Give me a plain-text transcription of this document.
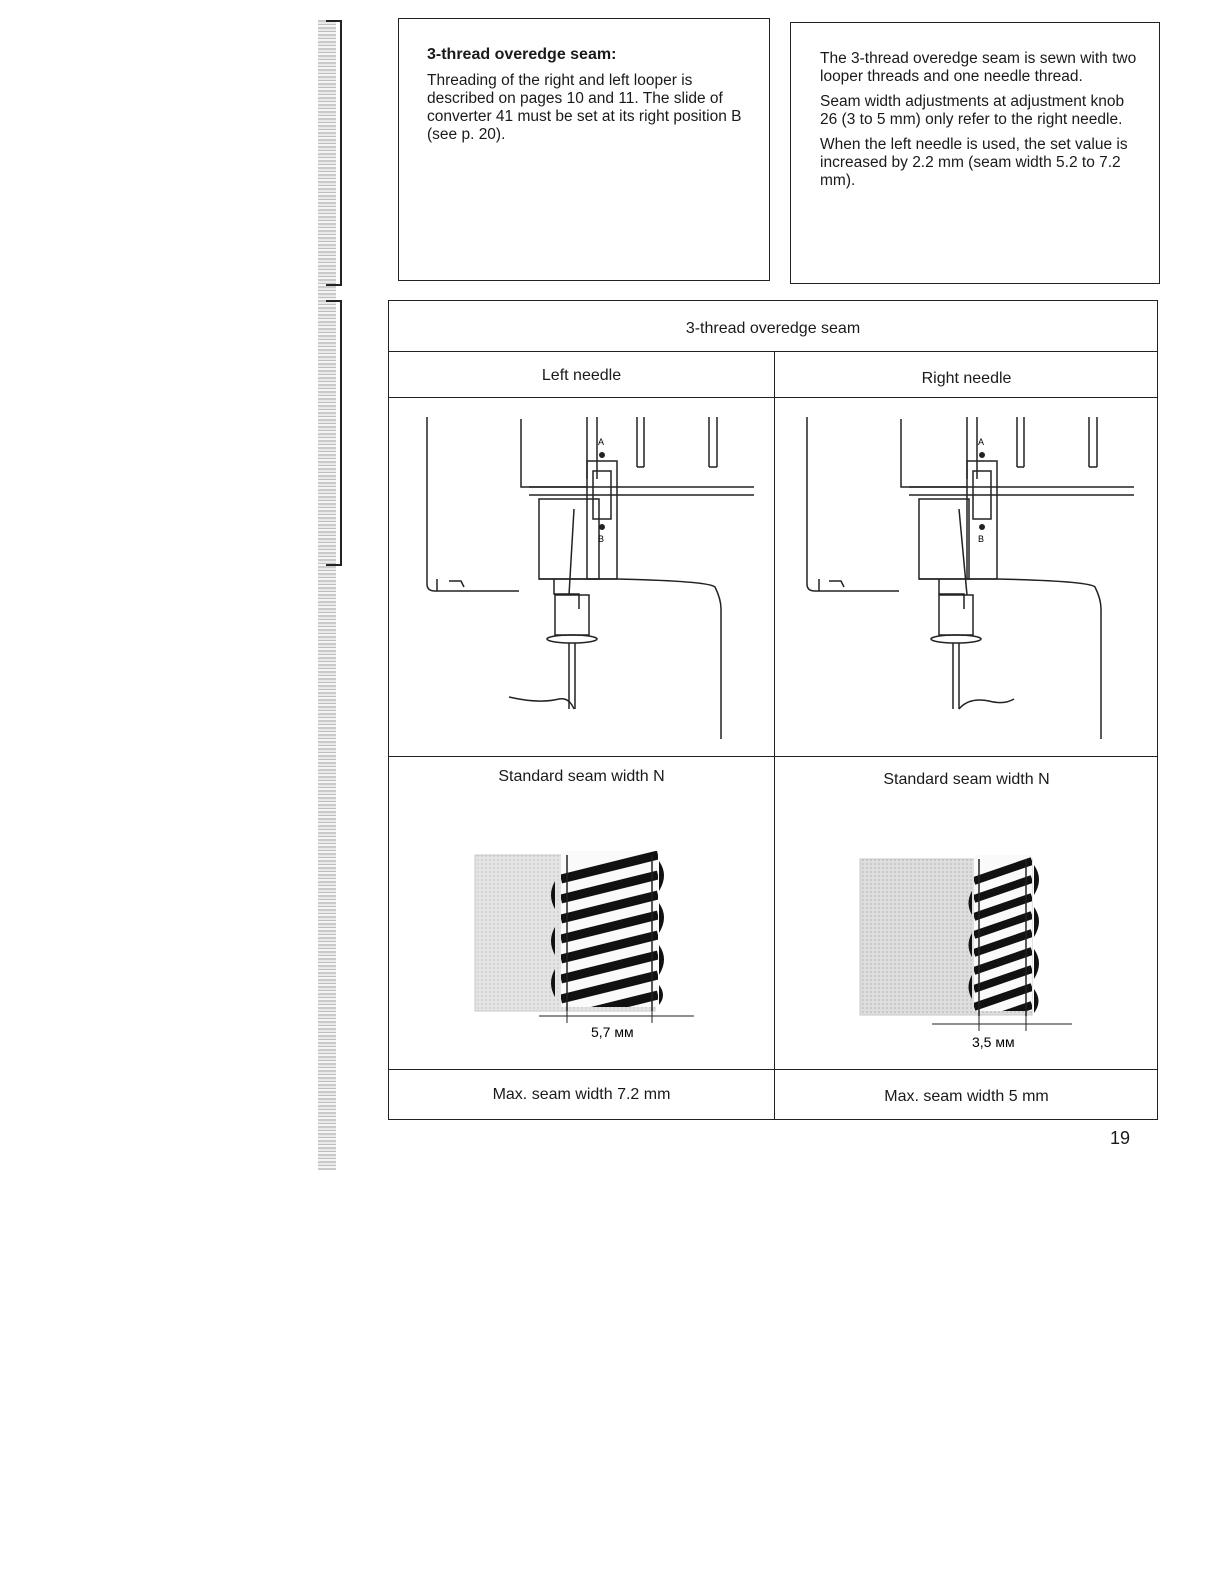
3-thread overedge seam:

Threading of the right and left looper is described on pages 10 and 11. The slide of converter 41 must be set at its right position B (see p. 20).

The 3-thread overedge seam is sewn with two looper threads and one needle thread.

Seam width adjustments at adjustment knob 26 (3 to 5 mm) only refer to the right needle.

When the left needle is used, the set value is increased by 2.2 mm (seam width 5.2 to 7.2 mm).

3-thread overedge seam
Left needle	Right needle
Standard seam width N	Standard seam width N
Max. seam width 7.2 mm	Max. seam width 5 mm
A
B
A
B
5,7 мм
3,5 мм
19
